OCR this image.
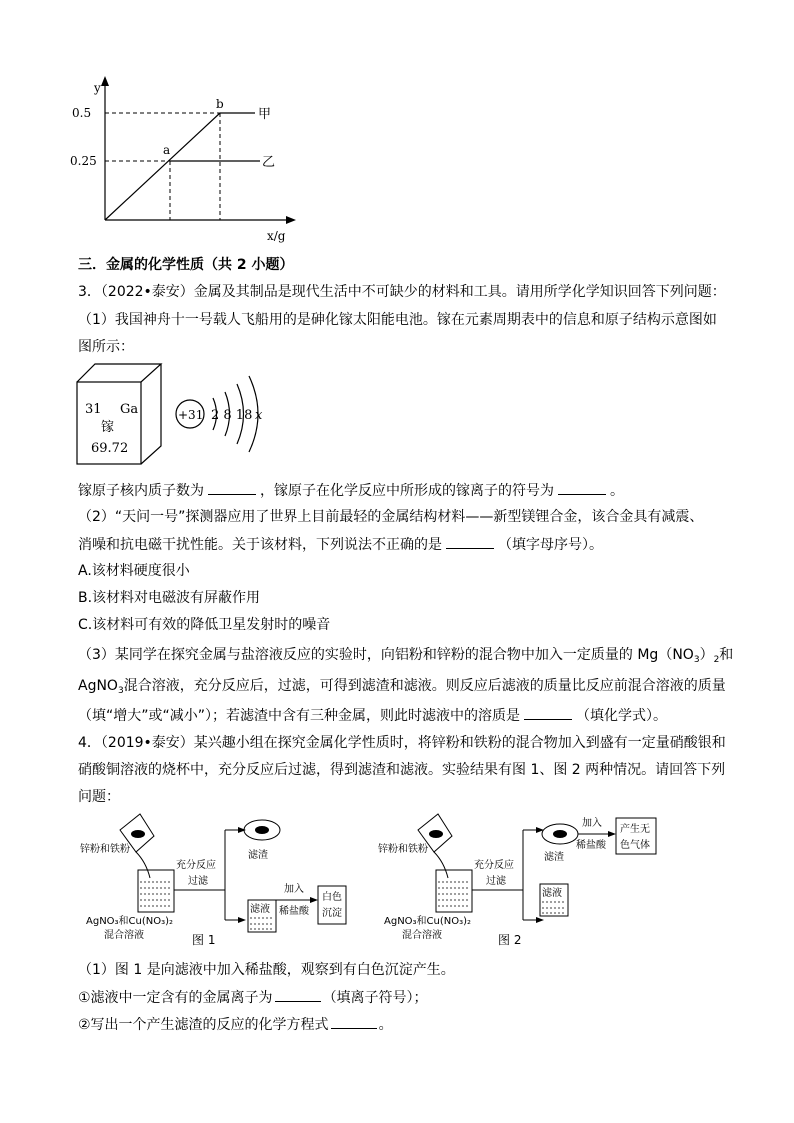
y
0.5
0.25
a
b
甲
乙
x/g
三．金属的化学性质（共 2 小题）
3．（2022•泰安）金属及其制品是现代生活中不可缺少的材料和工具。请用所学化学知识回答下列问题：
（1）我国神舟十一号载人飞船用的是砷化镓太阳能电池。镓在元素周期表中的信息和原子结构示意图如
图所示：
31 Ga
镓
69.72
+31 2 8 18 x
镓原子核内质子数为	，镓原子在化学反应中所形成的镓离子的符号为	。
（2）“天问一号”探测器应用了世界上目前最轻的金属结构材料——新型镁锂合金，该合金具有减震、
消噪和抗电磁干扰性能。关于该材料，下列说法不正确的是	（填字母序号）。
A.该材料硬度很小
B.该材料对电磁波有屏蔽作用
C.该材料可有效的降低卫星发射时的噪音
（3）某同学在探究金属与盐溶液反应的实验时，向铝粉和锌粉的混合物中加入一定质量的 $Mg(NO_3)_2$和
AgNO$_3$混合溶液，充分反应后，过滤，可得到滤渣和滤液。则反应后滤液的质量比反应前混合溶液的质量
（填“增大”或“减小”）；若滤渣中含有三种金属，则此时滤液中的溶质是	（填化学式）。
4．（2019•泰安）某兴趣小组在探究金属化学性质时，将锌粉和铁粉的混合物加入到盛有一定量硝酸银和
硝酸铜溶液的烧杯中，充分反应后过滤，得到滤渣和滤液。实验结果有图 1、图 2 两种情况。请回答下列
问题：
锌粉和铁粉
AgNO₃和Cu(NO₃)₂
混合溶液
充分反应
过滤
滤渣
滤液
加入
稀盐酸
白色
沉淀
图 1
锌粉和铁粉
AgNO₃和Cu(NO₃)₂
混合溶液
充分反应
过滤
滤渣
加入
稀盐酸
产生无
色气体
滤液
图 2
（1）图 1 是向滤液中加入稀盐酸，观察到有白色沉淀产生。
①滤液中一定含有的金属离子为	（填离子符号）；
②写出一个产生滤渣的反应的化学方程式	。
